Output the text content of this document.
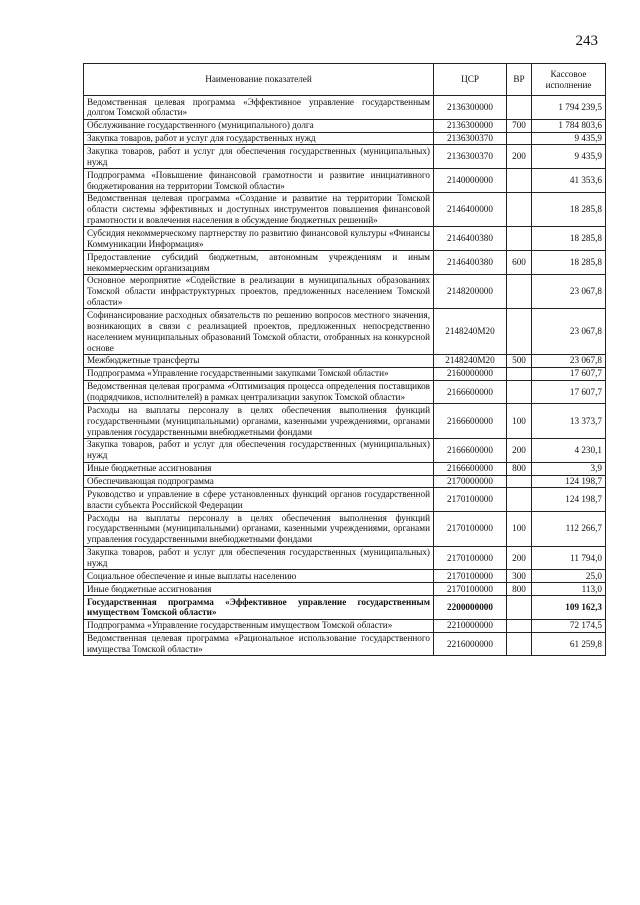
243
Наименование показателей	ЦСР	ВР	Кассовое исполнение
Ведомственная целевая программа «Эффективное управление государственным долгом Томской области»	2136300000		1 794 239,5
Обслуживание государственного (муниципального) долга	2136300000	700	1 784 803,6
Закупка товаров, работ и услуг для государственных нужд	2136300370		9 435,9
Закупка товаров, работ и услуг для обеспечения государственных (муниципальных) нужд	2136300370	200	9 435,9
Подпрограмма «Повышение финансовой грамотности и развитие инициативного бюджетирования на территории Томской области»	2140000000		41 353,6
Ведомственная целевая программа «Создание и развитие на территории Томской области системы эффективных и доступных инструментов повышения финансовой грамотности и вовлечения населения в обсуждение бюджетных решений»	2146400000		18 285,8
Субсидия некоммерческому партнерству по развитию финансовой культуры «Финансы Коммуникации Информация»	2146400380		18 285,8
Предоставление субсидий бюджетным, автономным учреждениям и иным некоммерческим организациям	2146400380	600	18 285,8
Основное мероприятие «Содействие в реализации в муниципальных образованиях Томской области инфраструктурных проектов, предложенных населением Томской области»	2148200000		23 067,8
Софинансирование расходных обязательств по решению вопросов местного значения, возникающих в связи с реализацией проектов, предложенных непосредственно населением муниципальных образований Томской области, отобранных на конкурсной основе	2148240M20		23 067,8
Межбюджетные трансферты	2148240M20	500	23 067,8
Подпрограмма «Управление государственными закупками Томской области»	2160000000		17 607,7
Ведомственная целевая программа «Оптимизация процесса определения поставщиков (подрядчиков, исполнителей) в рамках централизации закупок Томской области»	2166600000		17 607,7
Расходы на выплаты персоналу в целях обеспечения выполнения функций государственными (муниципальными) органами, казенными учреждениями, органами управления государственными внебюджетными фондами	2166600000	100	13 373,7
Закупка товаров, работ и услуг для обеспечения государственных (муниципальных) нужд	2166600000	200	4 230,1
Иные бюджетные ассигнования	2166600000	800	3,9
Обеспечивающая подпрограмма	2170000000		124 198,7
Руководство и управление в сфере установленных функций органов государственной власти субъекта Российской Федерации	2170100000		124 198,7
Расходы на выплаты персоналу в целях обеспечения выполнения функций государственными (муниципальными) органами, казенными учреждениями, органами управления государственными внебюджетными фондами	2170100000	100	112 266,7
Закупка товаров, работ и услуг для обеспечения государственных (муниципальных) нужд	2170100000	200	11 794,0
Социальное обеспечение и иные выплаты населению	2170100000	300	25,0
Иные бюджетные ассигнования	2170100000	800	113,0
Государственная программа «Эффективное управление государственным имуществом Томской области»	2200000000		109 162,3
Подпрограмма «Управление государственным имуществом Томской области»	2210000000		72 174,5
Ведомственная целевая программа «Рациональное использование государственного имущества Томской области»	2216000000		61 259,8
